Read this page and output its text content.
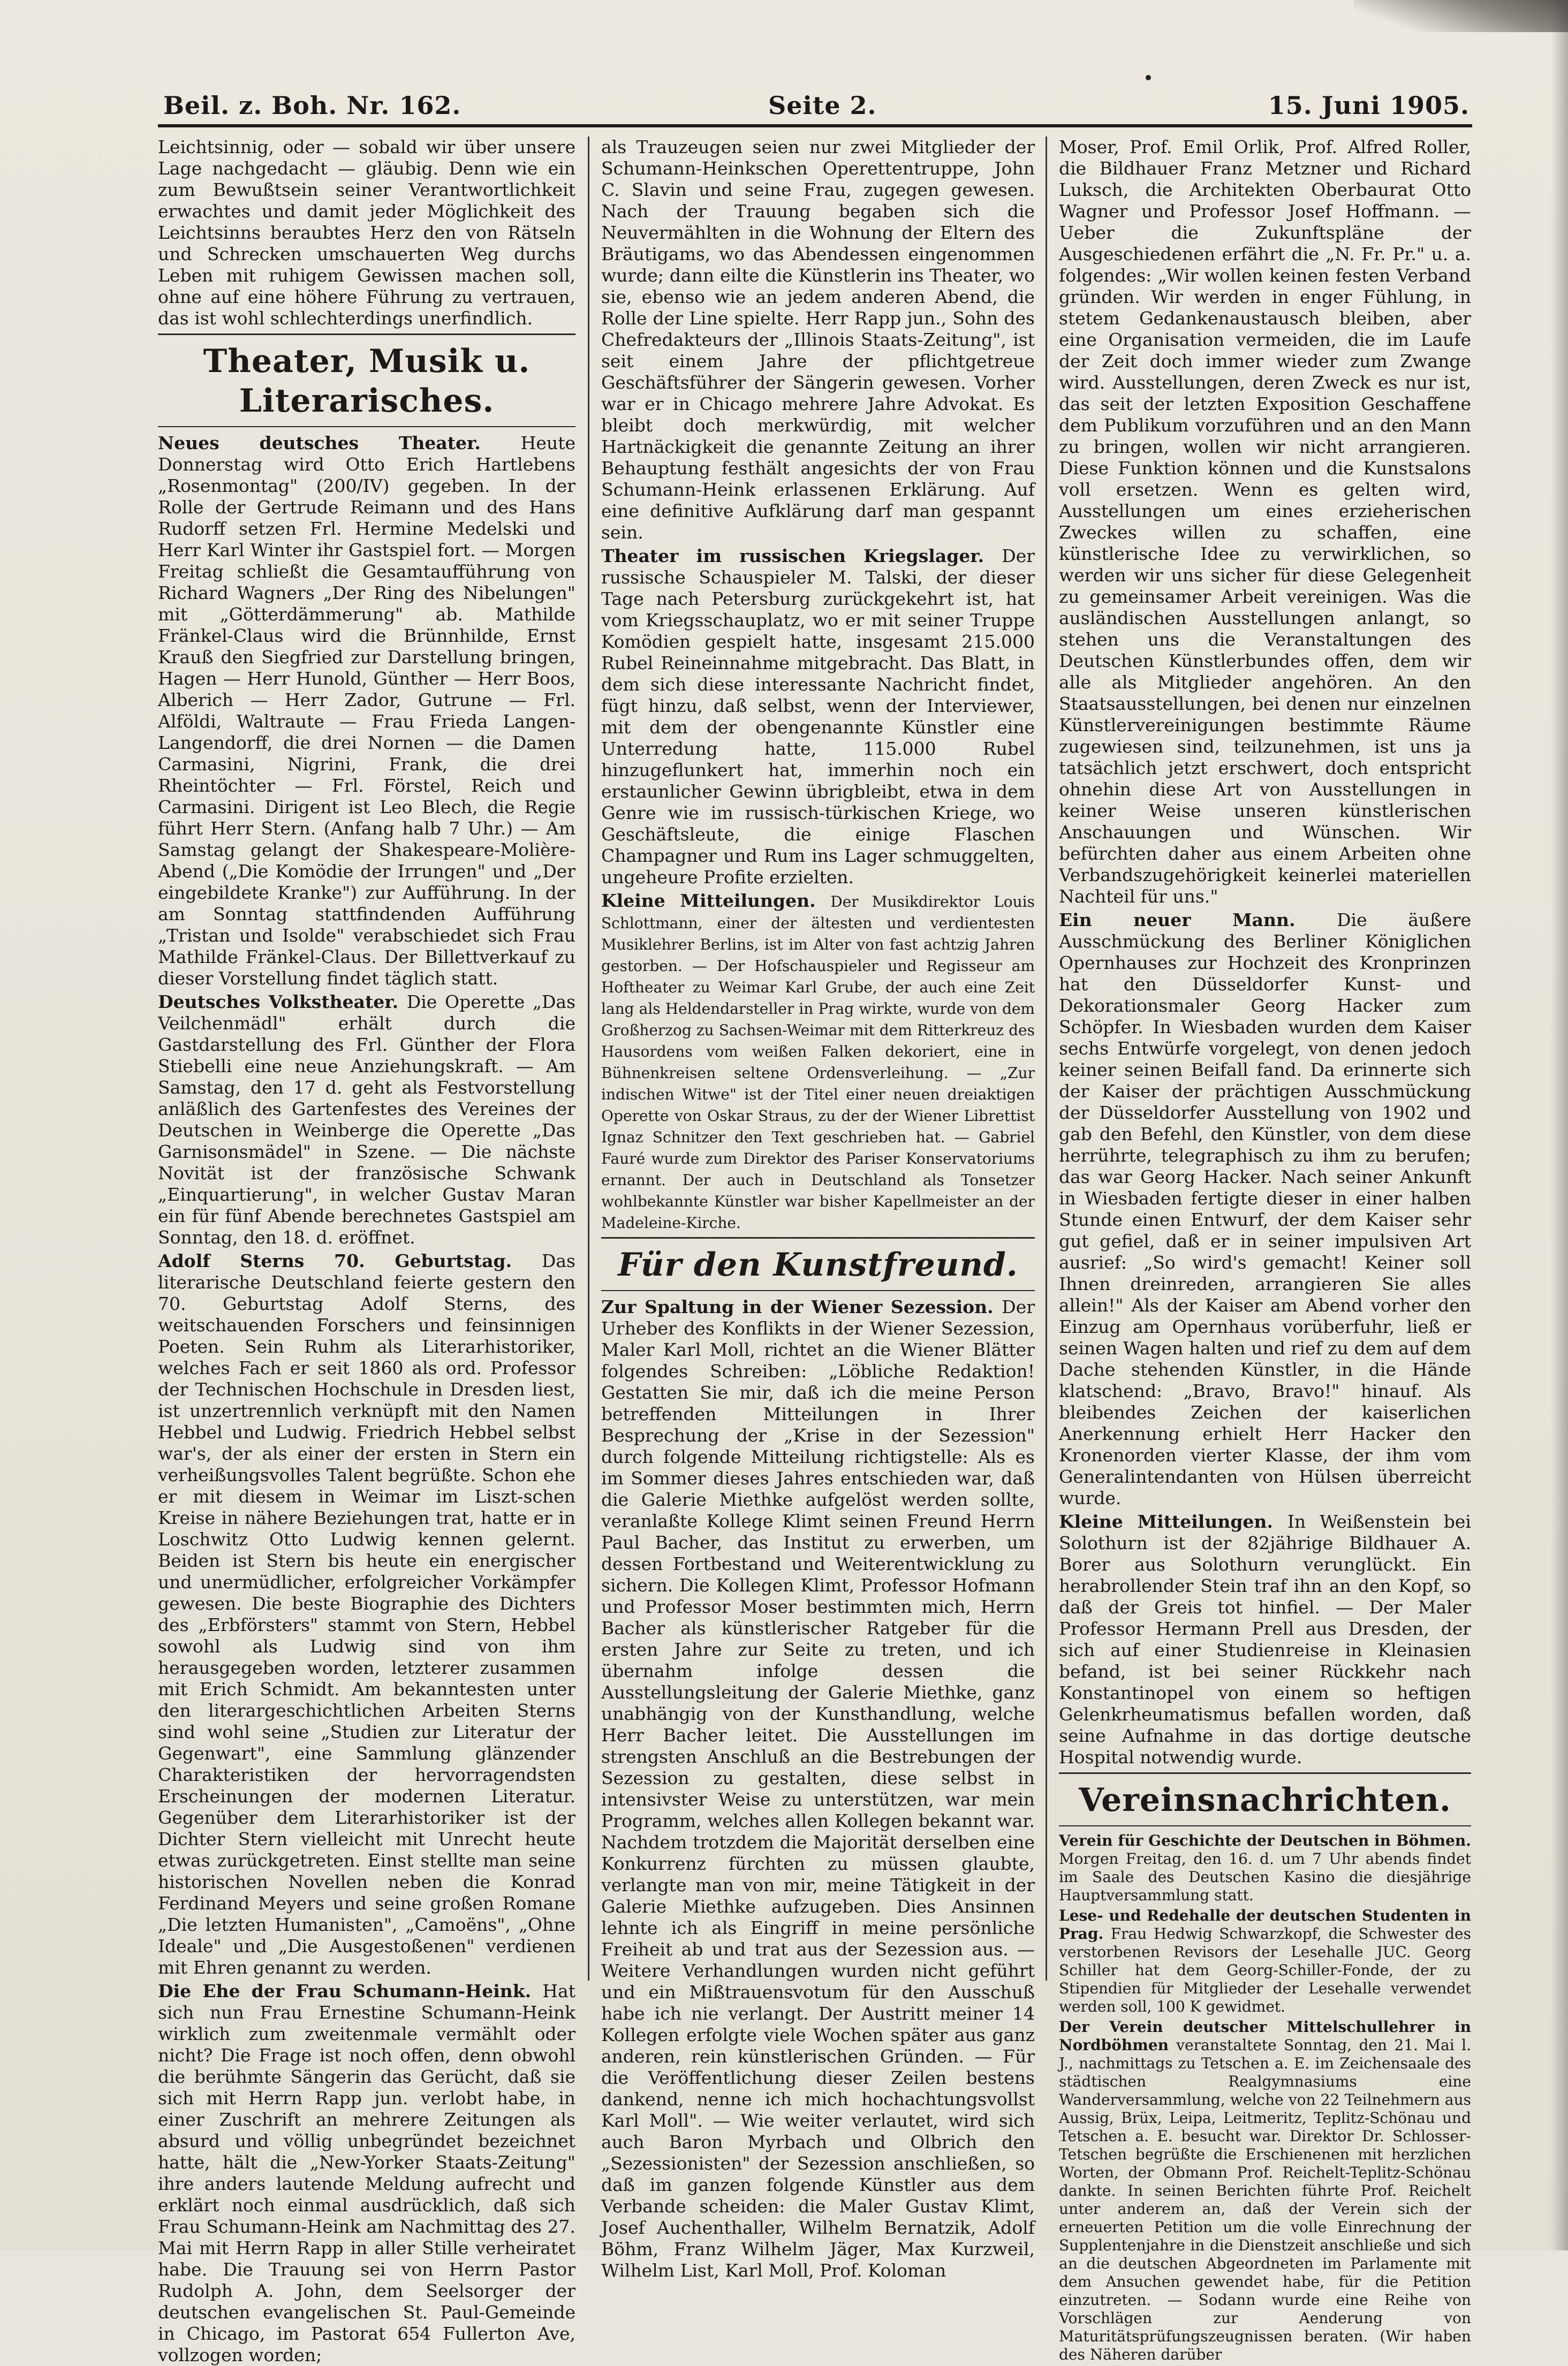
Beil. z. Boh. Nr. 162.	Seite 2.	15. Juni 1905.

Leichtsinnig, oder — sobald wir über unsere Lage nachgedacht — gläubig. Denn wie ein zum Bewußtsein seiner Verantwortlichkeit erwachtes und damit jeder Möglichkeit des Leichtsinns beraubtes Herz den von Rätseln und Schrecken umschauerten Weg durchs Leben mit ruhigem Gewissen machen soll, ohne auf eine höhere Führung zu vertrauen, das ist wohl schlechterdings unerfindlich.

Theater, Musik u. Literarisches.

Neues deutsches Theater. Heute Donnerstag wird Otto Erich Hartlebens „Rosenmontag" (200/IV) gegeben. In der Rolle der Gertrude Reimann und des Hans Rudorff setzen Frl. Hermine Medelski und Herr Karl Winter ihr Gastspiel fort. — Morgen Freitag schließt die Gesamtaufführung von Richard Wagners „Der Ring des Nibelungen" mit „Götterdämmerung" ab. Mathilde Fränkel-Claus wird die Brünnhilde, Ernst Krauß den Siegfried zur Darstellung bringen, Hagen — Herr Hunold, Günther — Herr Boos, Alberich — Herr Zador, Gutrune — Frl. Alföldi, Waltraute — Frau Frieda Langen-Langendorff, die drei Nornen — die Damen Carmasini, Nigrini, Frank, die drei Rheintöchter — Frl. Förstel, Reich und Carmasini. Dirigent ist Leo Blech, die Regie führt Herr Stern. (Anfang halb 7 Uhr.) — Am Samstag gelangt der Shakespeare-Molière-Abend („Die Komödie der Irrungen" und „Der eingebildete Kranke") zur Aufführung. In der am Sonntag stattfindenden Aufführung „Tristan und Isolde" verabschiedet sich Frau Mathilde Fränkel-Claus. Der Billettverkauf zu dieser Vorstellung findet täglich statt.

Deutsches Volkstheater. Die Operette „Das Veilchenmädl" erhält durch die Gastdarstellung des Frl. Günther der Flora Stiebelli eine neue Anziehungskraft. — Am Samstag, den 17 d. geht als Festvorstellung anläßlich des Gartenfestes des Vereines der Deutschen in Weinberge die Operette „Das Garnisonsmädel" in Szene. — Die nächste Novität ist der französische Schwank „Einquartierung", in welcher Gustav Maran ein für fünf Abende berechnetes Gastspiel am Sonntag, den 18. d. eröffnet.

Adolf Sterns 70. Geburtstag. Das literarische Deutschland feierte gestern den 70. Geburtstag Adolf Sterns, des weitschauenden Forschers und feinsinnigen Poeten. Sein Ruhm als Literarhistoriker, welches Fach er seit 1860 als ord. Professor der Technischen Hochschule in Dresden liest, ist unzertrennlich verknüpft mit den Namen Hebbel und Ludwig. Friedrich Hebbel selbst war's, der als einer der ersten in Stern ein verheißungsvolles Talent begrüßte. Schon ehe er mit diesem in Weimar im Liszt-schen Kreise in nähere Beziehungen trat, hatte er in Loschwitz Otto Ludwig kennen gelernt. Beiden ist Stern bis heute ein energischer und unermüdlicher, erfolgreicher Vorkämpfer gewesen. Die beste Biographie des Dichters des „Erbförsters" stammt von Stern, Hebbel sowohl als Ludwig sind von ihm herausgegeben worden, letzterer zusammen mit Erich Schmidt. Am bekanntesten unter den literargeschichtlichen Arbeiten Sterns sind wohl seine „Studien zur Literatur der Gegenwart", eine Sammlung glänzender Charakteristiken der hervorragendsten Erscheinungen der modernen Literatur. Gegenüber dem Literarhistoriker ist der Dichter Stern vielleicht mit Unrecht heute etwas zurückgetreten. Einst stellte man seine historischen Novellen neben die Konrad Ferdinand Meyers und seine großen Romane „Die letzten Humanisten", „Camoëns", „Ohne Ideale" und „Die Ausgestoßenen" verdienen mit Ehren genannt zu werden.

Die Ehe der Frau Schumann-Heink. Hat sich nun Frau Ernestine Schumann-Heink wirklich zum zweitenmale vermählt oder nicht? Die Frage ist noch offen, denn obwohl die berühmte Sängerin das Gerücht, daß sie sich mit Herrn Rapp jun. verlobt habe, in einer Zuschrift an mehrere Zeitungen als absurd und völlig unbegründet bezeichnet hatte, hält die „New-Yorker Staats-Zeitung" ihre anders lautende Meldung aufrecht und erklärt noch einmal ausdrücklich, daß sich Frau Schumann-Heink am Nachmittag des 27. Mai mit Herrn Rapp in aller Stille verheiratet habe. Die Trauung sei von Herrn Pastor Rudolph A. John, dem Seelsorger der deutschen evangelischen St. Paul-Gemeinde in Chicago, im Pastorat 654 Fullerton Ave, vollzogen worden;

als Trauzeugen seien nur zwei Mitglieder der Schumann-Heinkschen Operettentruppe, John C. Slavin und seine Frau, zugegen gewesen. Nach der Trauung begaben sich die Neuvermählten in die Wohnung der Eltern des Bräutigams, wo das Abendessen eingenommen wurde; dann eilte die Künstlerin ins Theater, wo sie, ebenso wie an jedem anderen Abend, die Rolle der Line spielte. Herr Rapp jun., Sohn des Chefredakteurs der „Illinois Staats-Zeitung", ist seit einem Jahre der pflichtgetreue Geschäftsführer der Sängerin gewesen. Vorher war er in Chicago mehrere Jahre Advokat. Es bleibt doch merkwürdig, mit welcher Hartnäckigkeit die genannte Zeitung an ihrer Behauptung festhält angesichts der von Frau Schumann-Heink erlassenen Erklärung. Auf eine definitive Aufklärung darf man gespannt sein.

Theater im russischen Kriegslager. Der russische Schauspieler M. Talski, der dieser Tage nach Petersburg zurückgekehrt ist, hat vom Kriegsschauplatz, wo er mit seiner Truppe Komödien gespielt hatte, insgesamt 215.000 Rubel Reineinnahme mitgebracht. Das Blatt, in dem sich diese interessante Nachricht findet, fügt hinzu, daß selbst, wenn der Interviewer, mit dem der obengenannte Künstler eine Unterredung hatte, 115.000 Rubel hinzugeflunkert hat, immerhin noch ein erstaunlicher Gewinn übrigbleibt, etwa in dem Genre wie im russisch-türkischen Kriege, wo Geschäftsleute, die einige Flaschen Champagner und Rum ins Lager schmuggelten, ungeheure Profite erzielten.

Kleine Mitteilungen. Der Musikdirektor Louis Schlottmann, einer der ältesten und verdientesten Musiklehrer Berlins, ist im Alter von fast achtzig Jahren gestorben. — Der Hofschauspieler und Regisseur am Hoftheater zu Weimar Karl Grube, der auch eine Zeit lang als Heldendarsteller in Prag wirkte, wurde von dem Großherzog zu Sachsen-Weimar mit dem Ritterkreuz des Hausordens vom weißen Falken dekoriert, eine in Bühnenkreisen seltene Ordensverleihung. — „Zur indischen Witwe" ist der Titel einer neuen dreiaktigen Operette von Oskar Straus, zu der der Wiener Librettist Ignaz Schnitzer den Text geschrieben hat. — Gabriel Fauré wurde zum Direktor des Pariser Konservatoriums ernannt. Der auch in Deutschland als Tonsetzer wohlbekannte Künstler war bisher Kapellmeister an der Madeleine-Kirche.

Für den Kunstfreund.

Zur Spaltung in der Wiener Sezession. Der Urheber des Konflikts in der Wiener Sezession, Maler Karl Moll, richtet an die Wiener Blätter folgendes Schreiben: „Löbliche Redaktion! Gestatten Sie mir, daß ich die meine Person betreffenden Mitteilungen in Ihrer Besprechung der „Krise in der Sezession" durch folgende Mitteilung richtigstelle: Als es im Sommer dieses Jahres entschieden war, daß die Galerie Miethke aufgelöst werden sollte, veranlaßte Kollege Klimt seinen Freund Herrn Paul Bacher, das Institut zu erwerben, um dessen Fortbestand und Weiterentwicklung zu sichern. Die Kollegen Klimt, Professor Hofmann und Professor Moser bestimmten mich, Herrn Bacher als künstlerischer Ratgeber für die ersten Jahre zur Seite zu treten, und ich übernahm infolge dessen die Ausstellungsleitung der Galerie Miethke, ganz unabhängig von der Kunsthandlung, welche Herr Bacher leitet. Die Ausstellungen im strengsten Anschluß an die Bestrebungen der Sezession zu gestalten, diese selbst in intensivster Weise zu unterstützen, war mein Programm, welches allen Kollegen bekannt war. Nachdem trotzdem die Majorität derselben eine Konkurrenz fürchten zu müssen glaubte, verlangte man von mir, meine Tätigkeit in der Galerie Miethke aufzugeben. Dies Ansinnen lehnte ich als Eingriff in meine persönliche Freiheit ab und trat aus der Sezession aus. — Weitere Verhandlungen wurden nicht geführt und ein Mißtrauensvotum für den Ausschuß habe ich nie verlangt. Der Austritt meiner 14 Kollegen erfolgte viele Wochen später aus ganz anderen, rein künstlerischen Gründen. — Für die Veröffentlichung dieser Zeilen bestens dankend, nenne ich mich hochachtungsvollst Karl Moll". — Wie weiter verlautet, wird sich auch Baron Myrbach und Olbrich den „Sezessionisten" der Sezession anschließen, so daß im ganzen folgende Künstler aus dem Verbande scheiden: die Maler Gustav Klimt, Josef Auchenthaller, Wilhelm Bernatzik, Adolf Böhm, Franz Wilhelm Jäger, Max Kurzweil, Wilhelm List, Karl Moll, Prof. Koloman

Moser, Prof. Emil Orlik, Prof. Alfred Roller, die Bildhauer Franz Metzner und Richard Luksch, die Architekten Oberbaurat Otto Wagner und Professor Josef Hoffmann. — Ueber die Zukunftspläne der Ausgeschiedenen erfährt die „N. Fr. Pr." u. a. folgendes: „Wir wollen keinen festen Verband gründen. Wir werden in enger Fühlung, in stetem Gedankenaustausch bleiben, aber eine Organisation vermeiden, die im Laufe der Zeit doch immer wieder zum Zwange wird. Ausstellungen, deren Zweck es nur ist, das seit der letzten Exposition Geschaffene dem Publikum vorzuführen und an den Mann zu bringen, wollen wir nicht arrangieren. Diese Funktion können und die Kunstsalons voll ersetzen. Wenn es gelten wird, Ausstellungen um eines erzieherischen Zweckes willen zu schaffen, eine künstlerische Idee zu verwirklichen, so werden wir uns sicher für diese Gelegenheit zu gemeinsamer Arbeit vereinigen. Was die ausländischen Ausstellungen anlangt, so stehen uns die Veranstaltungen des Deutschen Künstlerbundes offen, dem wir alle als Mitglieder angehören. An den Staatsausstellungen, bei denen nur einzelnen Künstlervereinigungen bestimmte Räume zugewiesen sind, teilzunehmen, ist uns ja tatsächlich jetzt erschwert, doch entspricht ohnehin diese Art von Ausstellungen in keiner Weise unseren künstlerischen Anschauungen und Wünschen. Wir befürchten daher aus einem Arbeiten ohne Verbandszugehörigkeit keinerlei materiellen Nachteil für uns."

Ein neuer Mann. Die äußere Ausschmückung des Berliner Königlichen Opernhauses zur Hochzeit des Kronprinzen hat den Düsseldorfer Kunst- und Dekorationsmaler Georg Hacker zum Schöpfer. In Wiesbaden wurden dem Kaiser sechs Entwürfe vorgelegt, von denen jedoch keiner seinen Beifall fand. Da erinnerte sich der Kaiser der prächtigen Ausschmückung der Düsseldorfer Ausstellung von 1902 und gab den Befehl, den Künstler, von dem diese herrührte, telegraphisch zu ihm zu berufen; das war Georg Hacker. Nach seiner Ankunft in Wiesbaden fertigte dieser in einer halben Stunde einen Entwurf, der dem Kaiser sehr gut gefiel, daß er in seiner impulsiven Art ausrief: „So wird's gemacht! Keiner soll Ihnen dreinreden, arrangieren Sie alles allein!" Als der Kaiser am Abend vorher den Einzug am Opernhaus vorüberfuhr, ließ er seinen Wagen halten und rief zu dem auf dem Dache stehenden Künstler, in die Hände klatschend: „Bravo, Bravo!" hinauf. Als bleibendes Zeichen der kaiserlichen Anerkennung erhielt Herr Hacker den Kronenorden vierter Klasse, der ihm vom Generalintendanten von Hülsen überreicht wurde.

Kleine Mitteilungen. In Weißenstein bei Solothurn ist der 82jährige Bildhauer A. Borer aus Solothurn verunglückt. Ein herabrollender Stein traf ihn an den Kopf, so daß der Greis tot hinfiel. — Der Maler Professor Hermann Prell aus Dresden, der sich auf einer Studienreise in Kleinasien befand, ist bei seiner Rückkehr nach Konstantinopel von einem so heftigen Gelenkrheumatismus befallen worden, daß seine Aufnahme in das dortige deutsche Hospital notwendig wurde.

Vereinsnachrichten.

Verein für Geschichte der Deutschen in Böhmen. Morgen Freitag, den 16. d. um 7 Uhr abends findet im Saale des Deutschen Kasino die diesjährige Hauptversammlung statt.

Lese- und Redehalle der deutschen Studenten in Prag. Frau Hedwig Schwarzkopf, die Schwester des verstorbenen Revisors der Lesehalle JUC. Georg Schiller hat dem Georg-Schiller-Fonde, der zu Stipendien für Mitglieder der Lesehalle verwendet werden soll, 100 K gewidmet.

Der Verein deutscher Mittelschullehrer in Nordböhmen veranstaltete Sonntag, den 21. Mai l. J., nachmittags zu Tetschen a. E. im Zeichensaale des städtischen Realgymnasiums eine Wanderversammlung, welche von 22 Teilnehmern aus Aussig, Brüx, Leipa, Leitmeritz, Teplitz-Schönau und Tetschen a. E. besucht war. Direktor Dr. Schlosser-Tetschen begrüßte die Erschienenen mit herzlichen Worten, der Obmann Prof. Reichelt-Teplitz-Schönau dankte. In seinen Berichten führte Prof. Reichelt unter anderem an, daß der Verein sich der erneuerten Petition um die volle Einrechnung der Supplentenjahre in die Dienstzeit anschließe und sich an die deutschen Abgeordneten im Parlamente mit dem Ansuchen gewendet habe, für die Petition einzutreten. — Sodann wurde eine Reihe von Vorschlägen zur Aenderung von Maturitätsprüfungszeugnissen beraten. (Wir haben des Näheren darüber
